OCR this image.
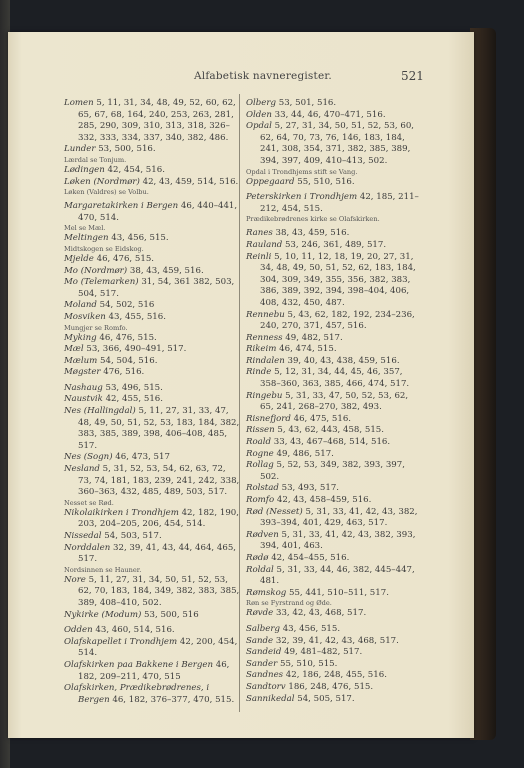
Alfabetisk navneregister.	521

Lomen 5, 11, 31, 34, 48, 49, 52, 60, 62, 65, 67, 68, 164, 240, 253, 263, 281, 285, 290, 309, 310, 313, 318, 326–332, 333, 334, 337, 340, 382, 486.

Lunder 53, 500, 516.

Lærdal se Tonjum.

Lødingen 42, 454, 516.

Løken (Nordmør) 42, 43, 459, 514, 516.

Løken (Valdres) se Volbu.

Margaretakirken i Bergen 46, 440–441, 470, 514.

Mel se Mæl.

Meltingen 43, 456, 515.

Midtskogen se Eidskog.

Mjelde 46, 476, 515.

Mo (Nordmør) 38, 43, 459, 516.

Mo (Telemarken) 31, 54, 361 382, 503, 504, 517.

Moland 54, 502, 516

Mosviken 43, 455, 516.

Mungjer se Romfo.

Myking 46, 476, 515.

Mæl 53, 366, 490–491, 517.

Mælum 54, 504, 516.

Møgster 476, 516.

Nashaug 53, 496, 515.

Naustvik 42, 455, 516.

Nes (Hallingdal) 5, 11, 27, 31, 33, 47, 48, 49, 50, 51, 52, 53, 183, 184, 382, 383, 385, 389, 398, 406–408, 485, 517.

Nes (Sogn) 46, 473, 517

Nesland 5, 31, 52, 53, 54, 62, 63, 72, 73, 74, 181, 183, 239, 241, 242, 338, 360–363, 432, 485, 489, 503, 517.

Nesset se Rød.

Nikolaikirken i Trondhjem 42, 182, 190, 203, 204–205, 206, 454, 514.

Nissedal 54, 503, 517.

Norddalen 32, 39, 41, 43, 44, 464, 465, 517.

Nordsinnen se Hauner.

Nore 5, 11, 27, 31, 34, 50, 51, 52, 53, 62, 70, 183, 184, 349, 382, 383, 385, 389, 408–410, 502.

Nykirke (Modum) 53, 500, 516

Odden 43, 460, 514, 516.

Olafskapellet i Trondhjem 42, 200, 454, 514.

Olafskirken paa Bakkene i Bergen 46, 182, 209–211, 470, 515

Olafskirken, Prædikebrødrenes, i Bergen 46, 182, 376–377, 470, 515.

Olberg 53, 501, 516.

Olden 33, 44, 46, 470–471, 516.

Opdal 5, 27, 31, 34, 50, 51, 52, 53, 60, 62, 64, 70, 73, 76, 146, 183, 184, 241, 308, 354, 371, 382, 385, 389, 394, 397, 409, 410–413, 502.

Opdal i Trondhjems stift se Vang.

Oppegaard 55, 510, 516.

Peterskirken i Trondhjem 42, 185, 211–212, 454, 515.

Prædikebrødrenes kirke se Olafskirken.

Ranes 38, 43, 459, 516.

Rauland 53, 246, 361, 489, 517.

Reinli 5, 10, 11, 12, 18, 19, 20, 27, 31, 34, 48, 49, 50, 51, 52, 62, 183, 184, 304, 309, 349, 355, 356, 382, 383, 386, 389, 392, 394, 398–404, 406, 408, 432, 450, 487.

Rennebu 5, 43, 62, 182, 192, 234–236, 240, 270, 371, 457, 516.

Renness 49, 482, 517.

Rikeim 46, 474, 515.

Rindalen 39, 40, 43, 438, 459, 516.

Rinde 5, 12, 31, 34, 44, 45, 46, 357, 358–360, 363, 385, 466, 474, 517.

Ringebu 5, 31, 33, 47, 50, 52, 53, 62, 65, 241, 268–270, 382, 493.

Risnefjord 46, 475, 516.

Rissen 5, 43, 62, 443, 458, 515.

Roald 33, 43, 467–468, 514, 516.

Rogne 49, 486, 517.

Rollag 5, 52, 53, 349, 382, 393, 397, 502.

Rolstad 53, 493, 517.

Romfo 42, 43, 458–459, 516.

Rød (Nesset) 5, 31, 33, 41, 42, 43, 382, 393–394, 401, 429, 463, 517.

Rødven 5, 31, 33, 41, 42, 43, 382, 393, 394, 401, 463.

Rødø 42, 454–455, 516.

Roldal 5, 31, 33, 44, 46, 382, 445–447, 481.

Rømskog 55, 441, 510–511, 517.

Røn se Fyrstrand og Øde.

Røvde 33, 42, 43, 468, 517.

Salberg 43, 456, 515.

Sande 32, 39, 41, 42, 43, 468, 517.

Sandeid 49, 481–482, 517.

Sander 55, 510, 515.

Sandnes 42, 186, 248, 455, 516.

Sandtorv 186, 248, 476, 515.

Sannikedal 54, 505, 517.
